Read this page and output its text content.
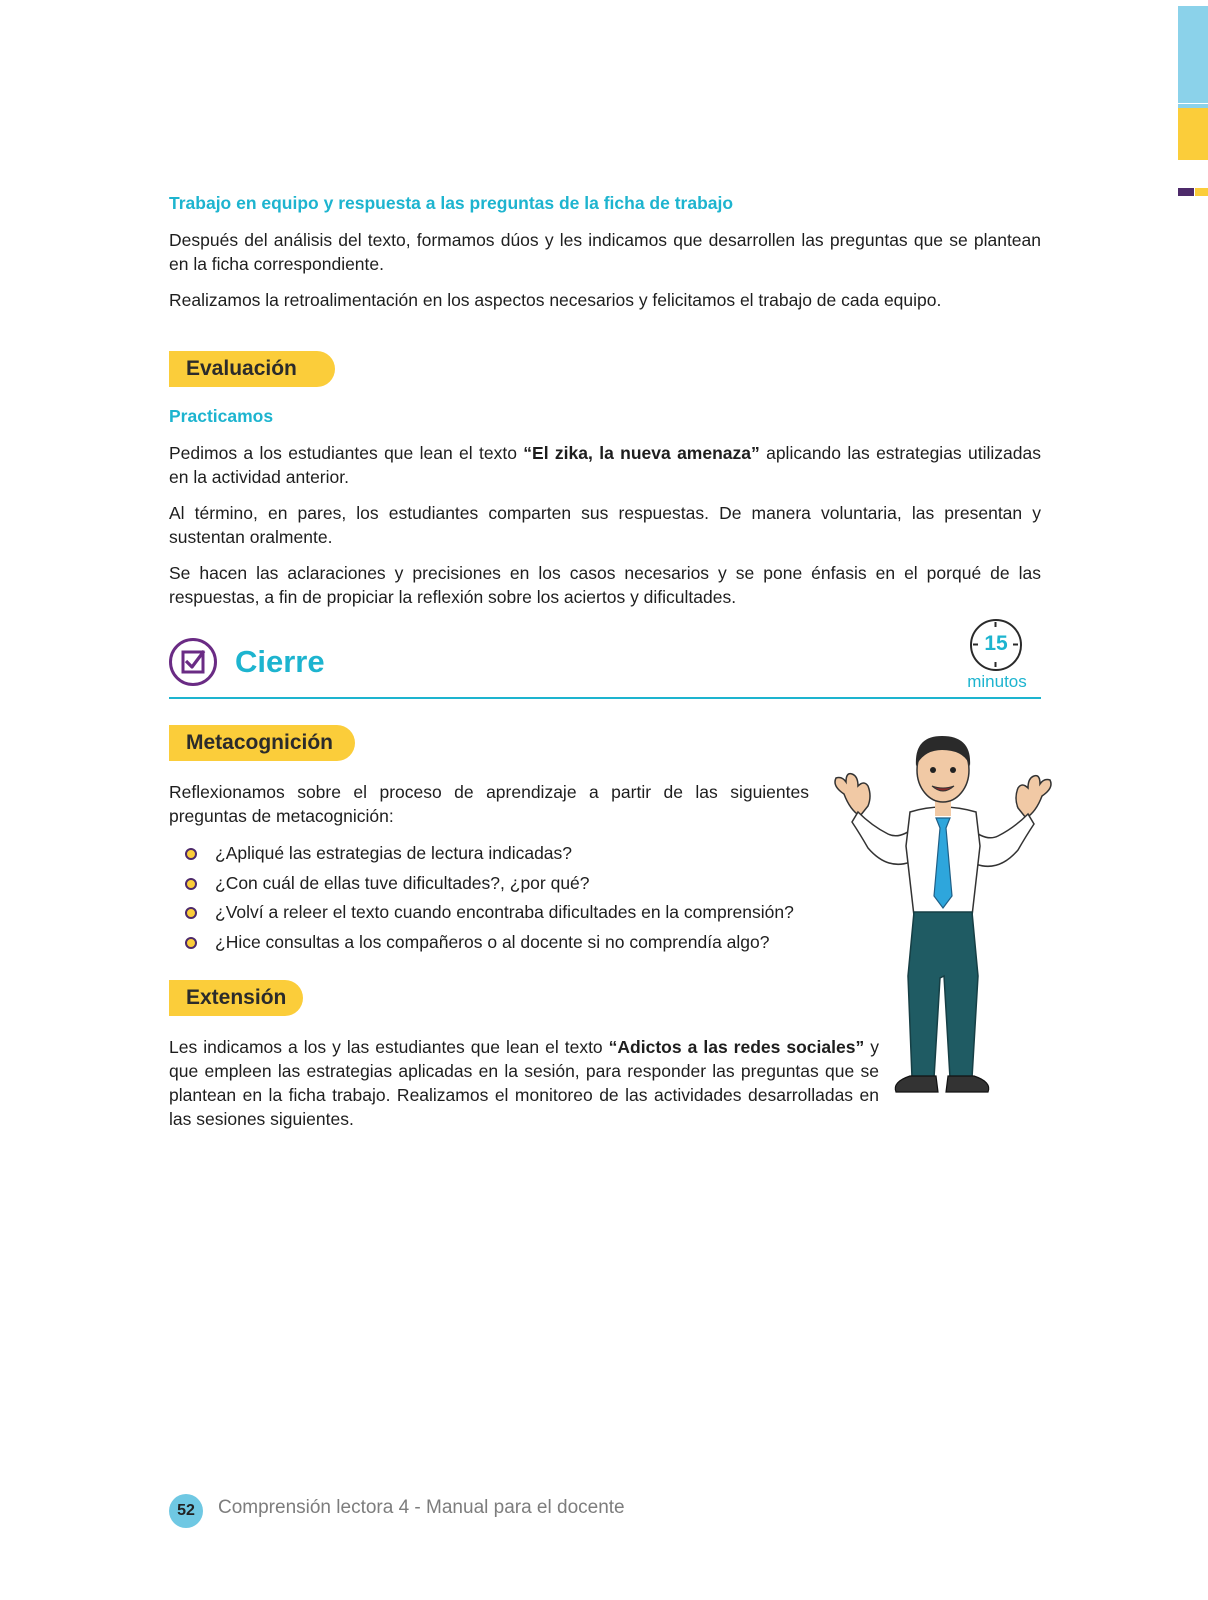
Trabajo en equipo y respuesta a las preguntas de la ficha de trabajo

Después del análisis del texto, formamos dúos y les indicamos que desarrollen las preguntas que se plantean en la ficha correspondiente.

Realizamos la retroalimentación en los aspectos necesarios y felicitamos el trabajo de cada equipo.

Evaluación

Practicamos

Pedimos a los estudiantes que lean el texto “El zika, la nueva amenaza” aplicando las estrategias utilizadas en la actividad anterior.

Al término, en pares, los estudiantes comparten sus respuestas. De manera voluntaria, las presentan y sustentan oralmente.

Se hacen las aclaraciones y precisiones en los casos necesarios y se pone énfasis en el porqué de las respuestas, a fin de propiciar la reflexión sobre los aciertos y dificultades.

Cierre

15
minutos
Metacognición

Reflexionamos sobre el proceso de aprendizaje a partir de las siguientes preguntas de metacognición:

¿Apliqué las estrategias de lectura indicadas?
¿Con cuál de ellas tuve dificultades?, ¿por qué?
¿Volví a releer el texto cuando encontraba dificultades en la comprensión?
¿Hice consultas a los compañeros o al docente si no comprendía algo?
Extensión

Les indicamos a los y las estudiantes que lean el texto “Adictos a las redes sociales” y que empleen las estrategias aplicadas en la sesión, para responder las preguntas que se plantean en la ficha trabajo. Realizamos el monitoreo de las actividades desarrolladas en las sesiones siguientes.

52	Comprensión lectora 4 - Manual para el docente
